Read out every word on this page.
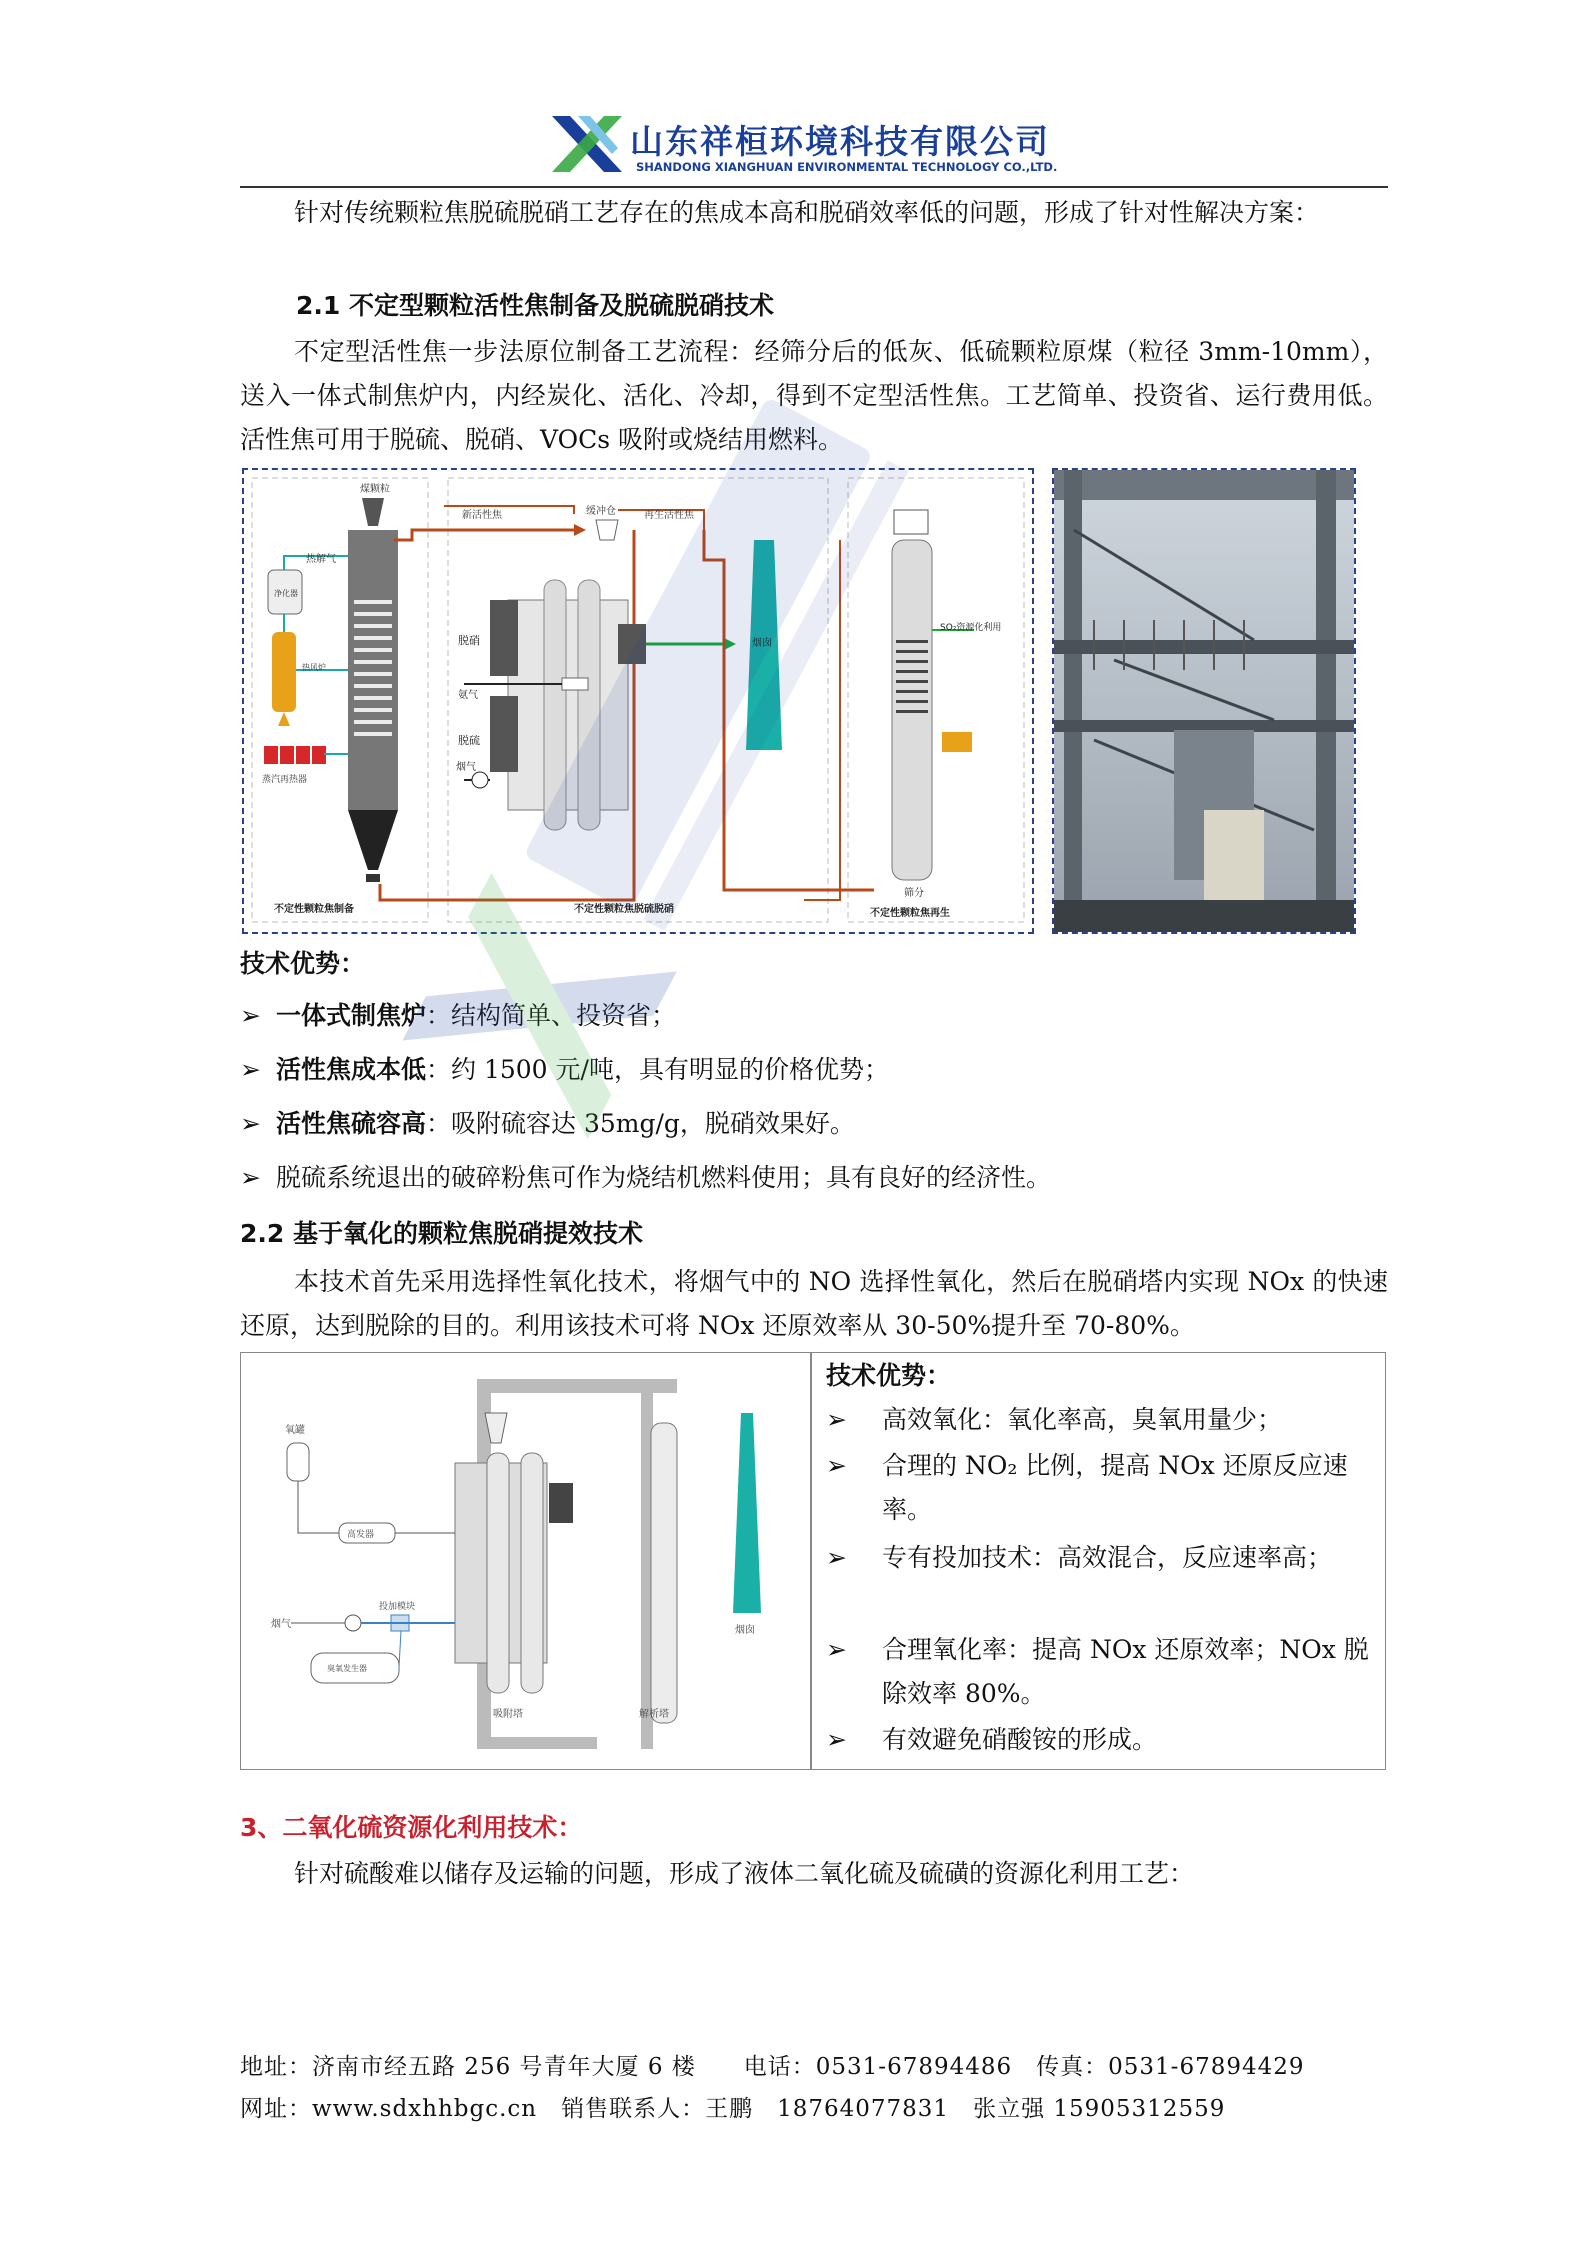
山东祥桓环境科技有限公司
SHANDONG XIANGHUAN ENVIRONMENTAL TECHNOLOGY CO.,LTD.
针对传统颗粒焦脱硫脱硝工艺存在的焦成本高和脱硝效率低的问题，形成了针对性解决方案：
2.1 不定型颗粒活性焦制备及脱硫脱硝技术
不定型活性焦一步法原位制备工艺流程：经筛分后的低灰、低硫颗粒原煤（粒径 3mm-10mm），送入一体式制焦炉内，内经炭化、活化、冷却，得到不定型活性焦。工艺简单、投资省、运行费用低。活性焦可用于脱硫、脱硝、VOCs 吸附或烧结用燃料。
煤颗粒
热解气
净化器
热风炉
蒸汽再热器
不定性颗粒焦制备
新活性焦	缓冲仓	再生活性焦
脱硝
氨气
脱硫
烟气
烟囱
不定性颗粒焦脱硫脱硝
SO₂资源化利用
筛分
不定性颗粒焦再生
技术优势：
➢ 一体式制焦炉：结构简单、投资省；
➢ 活性焦成本低：约 1500 元/吨，具有明显的价格优势；
➢ 活性焦硫容高：吸附硫容达 35mg/g，脱硝效果好。
➢ 脱硫系统退出的破碎粉焦可作为烧结机燃料使用；具有良好的经济性。
2.2 基于氧化的颗粒焦脱硝提效技术
本技术首先采用选择性氧化技术，将烟气中的 NO 选择性氧化，然后在脱硝塔内实现 NOx 的快速还原，达到脱除的目的。利用该技术可将 NOx 还原效率从 30-50%提升至 70-80%。
氧罐
高发器
烟气
投加模块
臭氧发生器
吸附塔	解析塔
烟囱
技术优势：
➢ 高效氧化：氧化率高，臭氧用量少；
➢ 合理的 NO₂ 比例，提高 NOx 还原反应速率。
➢ 专有投加技术：高效混合，反应速率高；
➢ 合理氧化率：提高 NOx 还原效率；NOx 脱除效率 80%。
➢ 有效避免硝酸铵的形成。
3、二氧化硫资源化利用技术：
针对硫酸难以储存及运输的问题，形成了液体二氧化硫及硫磺的资源化利用工艺：
地址：济南市经五路 256 号青年大厦 6 楼　　电话：0531-67894486　传真：0531-67894429
网址：www.sdxhhbgc.cn　销售联系人：王鹏　18764077831　张立强 15905312559
